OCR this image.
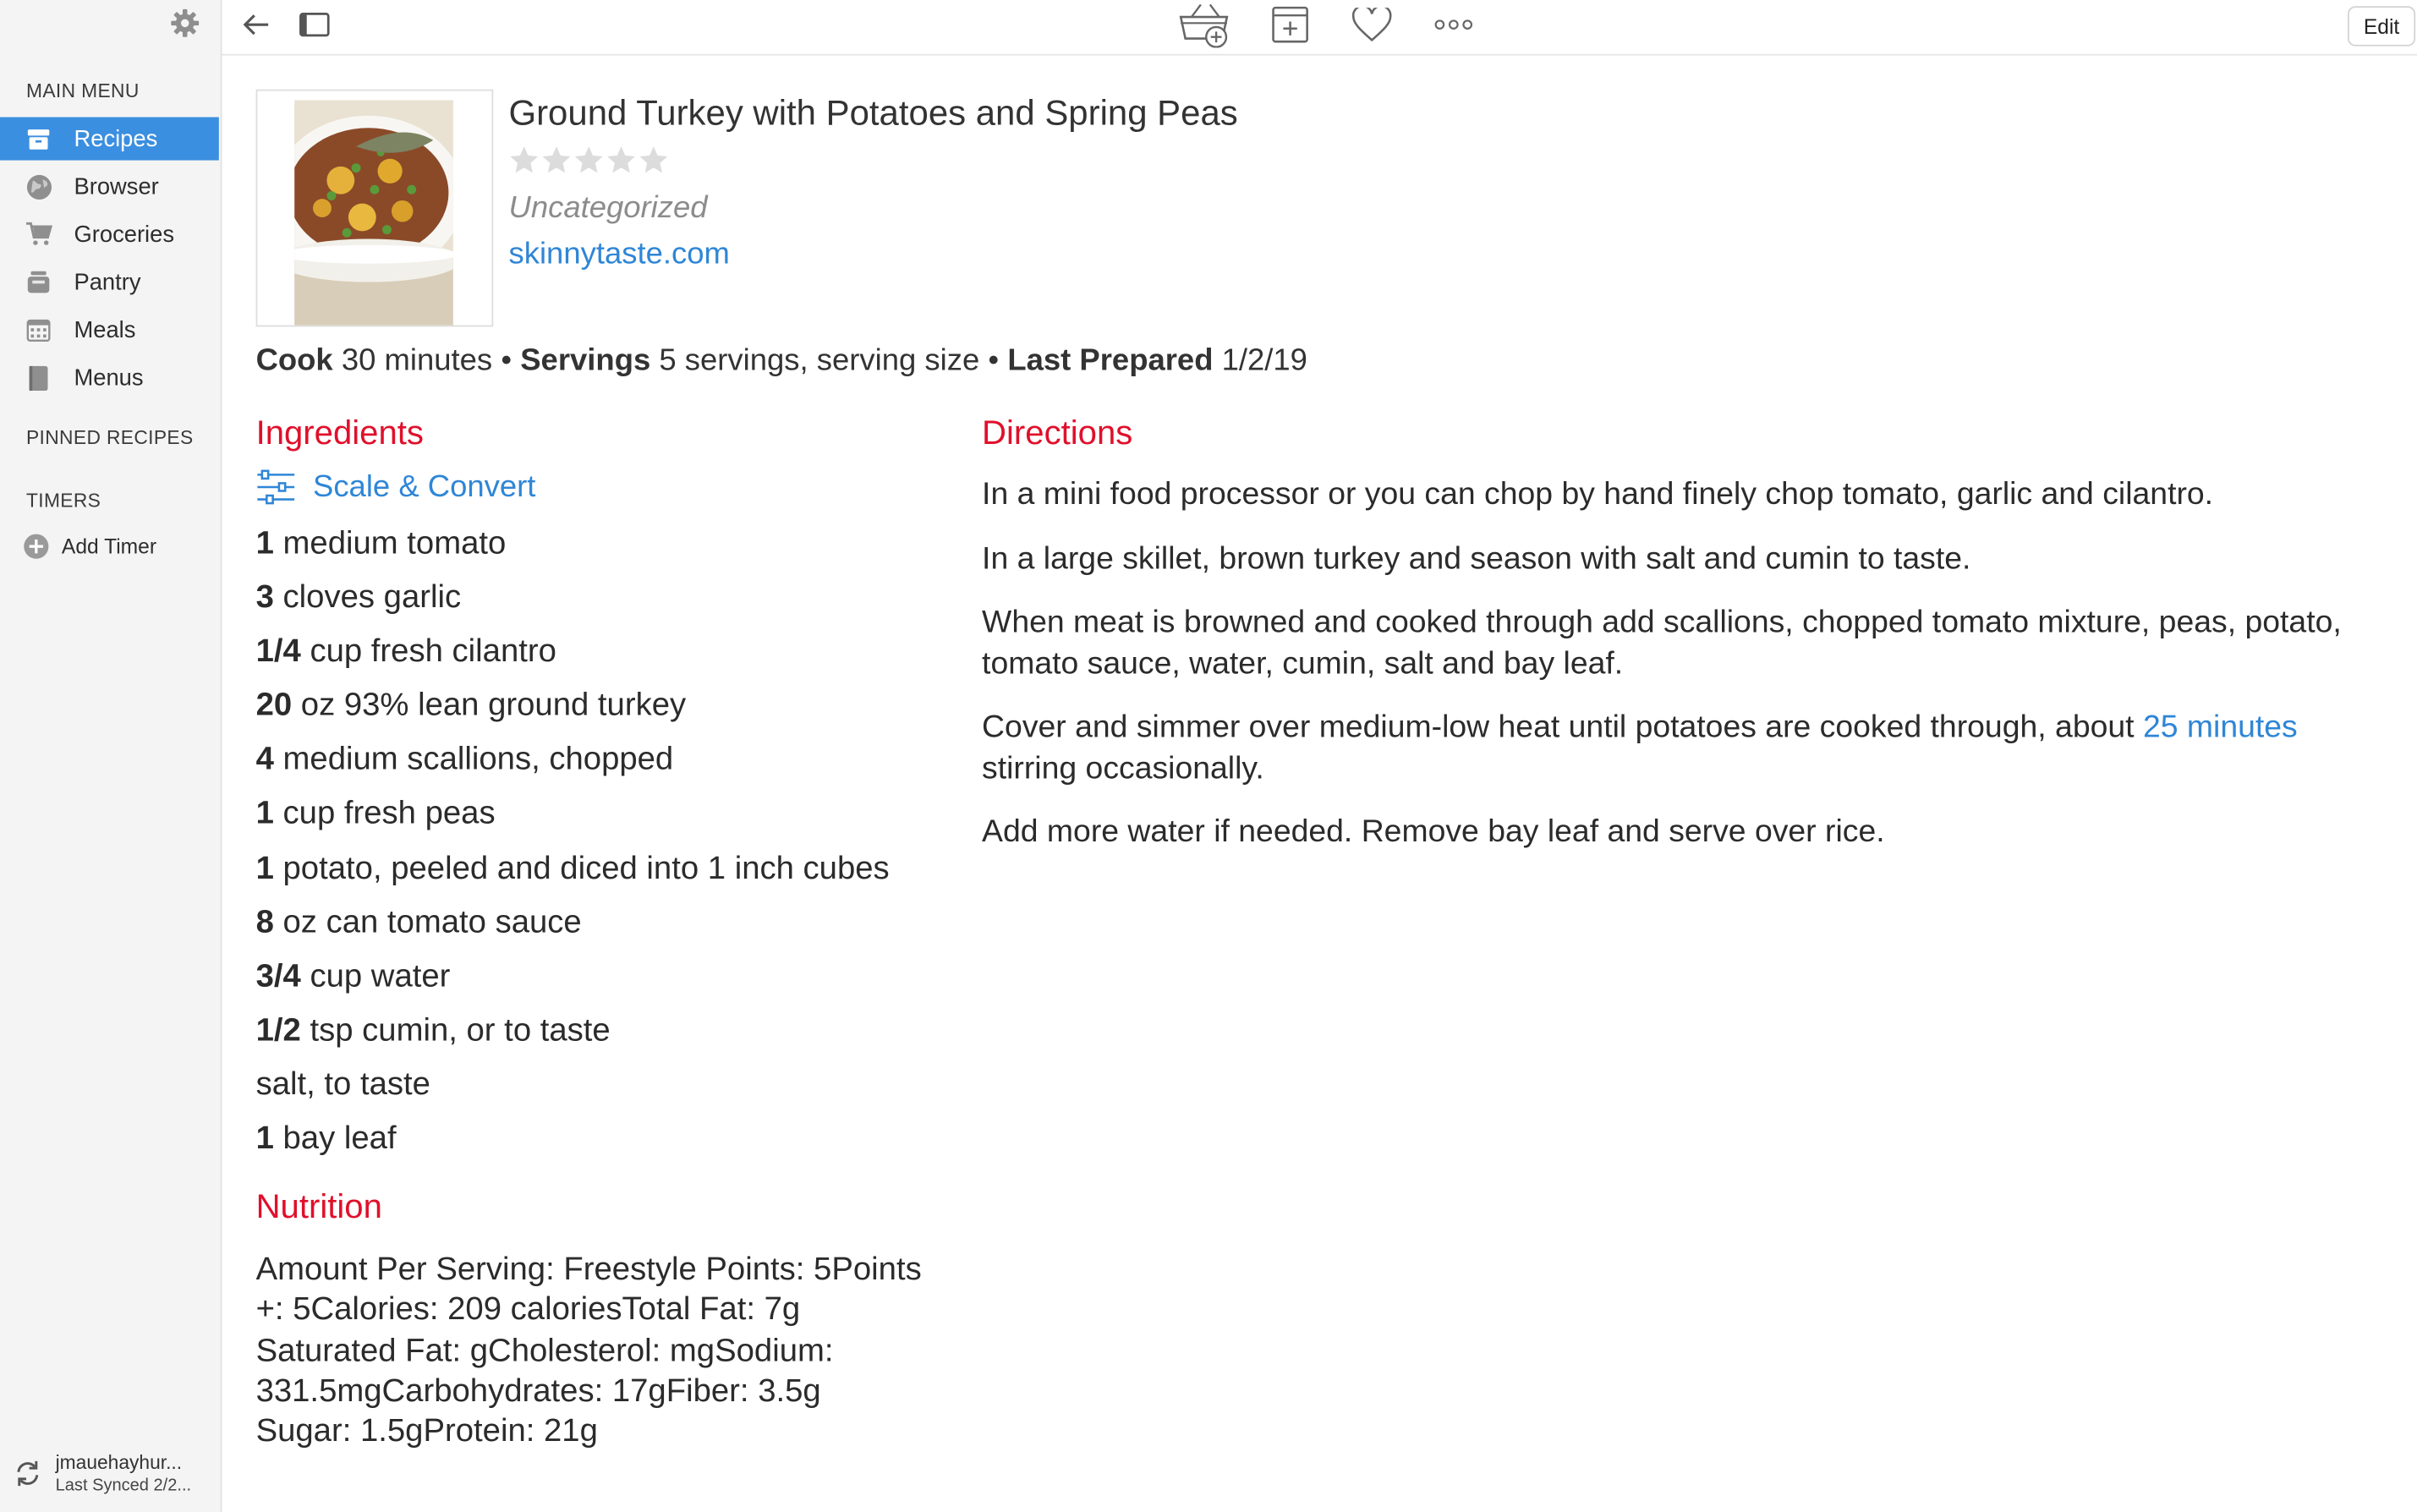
MAIN MENU
Recipes
Browser
Groceries
Pantry
Meals
Menus
PINNED RECIPES
TIMERS
Add Timer
jmauehayhur...
Last Synced 2/2...
Edit
Ground Turkey with Potatoes and Spring Peas
Uncategorized
skinnytaste.com
Cook 30 minutes • Servings 5 servings, serving size • Last Prepared 1/2/19
Ingredients
Scale & Convert
1 medium tomato
3 cloves garlic
1/4 cup fresh cilantro
20 oz 93% lean ground turkey
4 medium scallions, chopped
1 cup fresh peas
1 potato, peeled and diced into 1 inch cubes
8 oz can tomato sauce
3/4 cup water
1/2 tsp cumin, or to taste
salt, to taste
1 bay leaf
Nutrition
Amount Per Serving: Freestyle Points: 5Points
+: 5Calories: 209 caloriesTotal Fat: 7g
Saturated Fat: gCholesterol: mgSodium:
331.5mgCarbohydrates: 17gFiber: 3.5g
Sugar: 1.5gProtein: 21g
Directions
In a mini food processor or you can chop by hand finely chop tomato, garlic and cilantro.
In a large skillet, brown turkey and season with salt and cumin to taste.
When meat is browned and cooked through add scallions, chopped tomato mixture, peas, potato, tomato sauce, water, cumin, salt and bay leaf.
Cover and simmer over medium-low heat until potatoes are cooked through, about 25 minutes stirring occasionally.
Add more water if needed. Remove bay leaf and serve over rice.
